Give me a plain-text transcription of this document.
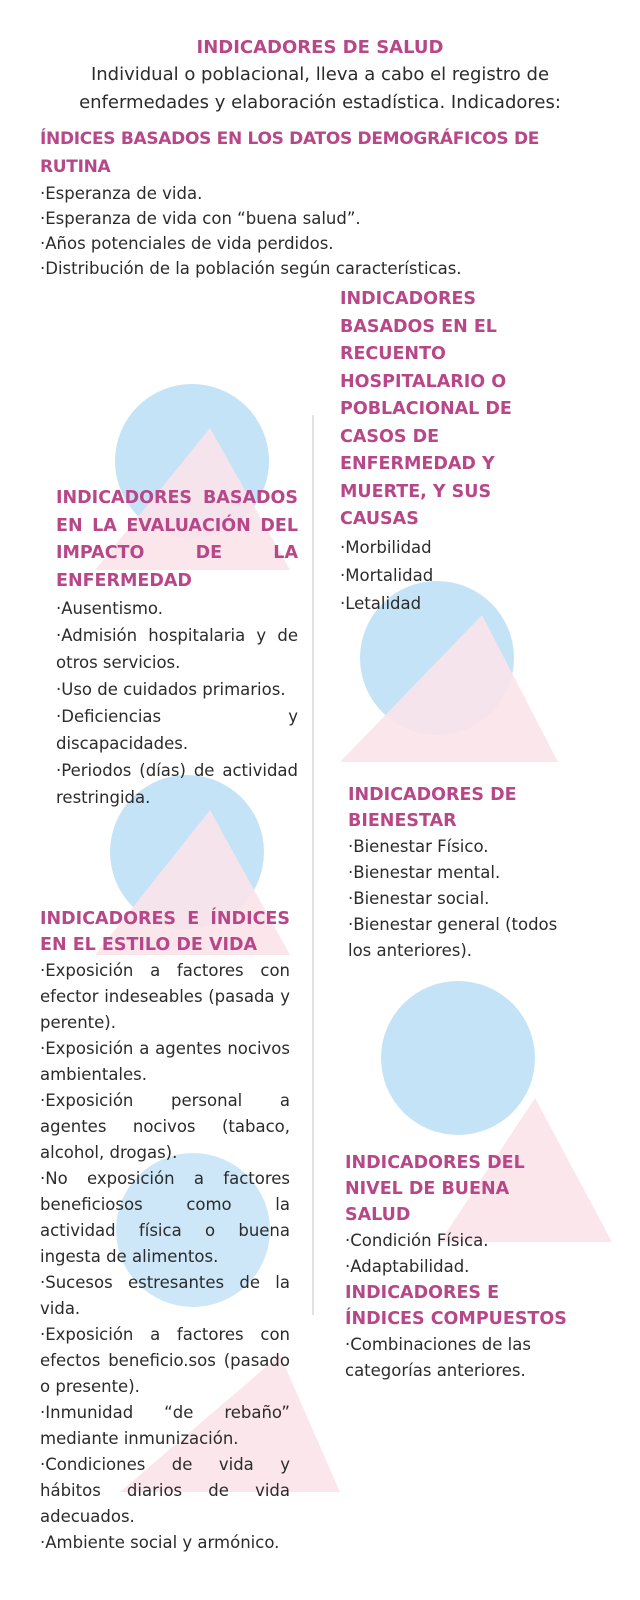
INDICADORES DE SALUD

Individual o poblacional, lleva a cabo el registro de enfermedades y elaboración estadística. Indicadores:

ÍNDICES BASADOS EN LOS DATOS DEMOGRÁFICOS DE RUTINA
·Esperanza de vida.
·Esperanza de vida con “buena salud”.
·Años potenciales de vida perdidos.
·Distribución de la población según características.
INDICADORES BASADOS EN EL RECUENTO HOSPITALARIO O POBLACIONAL DE CASOS DE ENFERMEDAD Y MUERTE, Y SUS CAUSAS
·Morbilidad
·Mortalidad
·Letalidad
INDICADORES BASADOS EN LA EVALUACIÓN DEL IMPACTO DE LA ENFERMEDAD
·Ausentismo.
·Admisión hospitalaria y de otros servicios.
·Uso de cuidados primarios.
·Deficiencias y discapacidades.
·Periodos (días) de actividad restringida.	INDICADORES DE BIENESTAR
·Bienestar Físico.
·Bienestar mental.
·Bienestar social.
·Bienestar general (todos los anteriores).
INDICADORES E ÍNDICES EN EL ESTILO DE VIDA
·Exposición a factores con efector indeseables (pasada y perente).
·Exposición a agentes nocivos ambientales.
·Exposición personal a agentes nocivos (tabaco, alcohol, drogas).
·No exposición a factores beneficiosos como la actividad física o buena ingesta de alimentos.
·Sucesos estresantes de la vida.
·Exposición a factores con efectos beneficio.sos (pasado o presente).
·Inmunidad “de rebaño” mediante inmunización.
·Condiciones de vida y hábitos diarios de vida adecuados.
·Ambiente social y armónico.
INDICADORES DEL NIVEL DE BUENA SALUD
·Condición Física.
·Adaptabilidad.
INDICADORES E ÍNDICES COMPUESTOS
·Combinaciones de las categorías anteriores.
